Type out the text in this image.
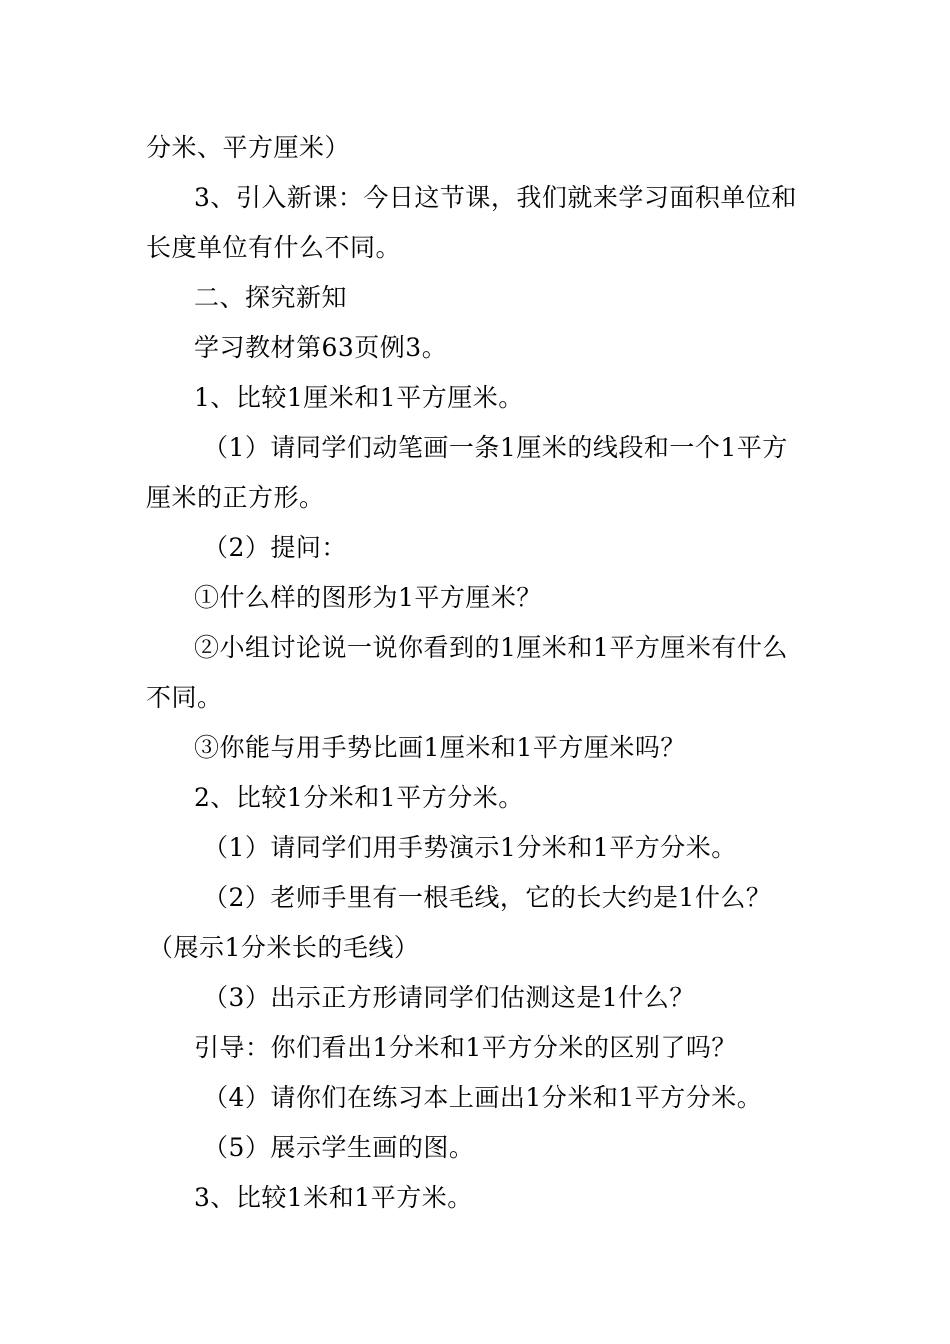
分米、平方厘米）
3、引入新课：今日这节课，我们就来学习面积单位和
长度单位有什么不同。
二、探究新知
学习教材第63页例3。
1、比较1厘米和1平方厘米。
（1）请同学们动笔画一条1厘米的线段和一个1平方
厘米的正方形。
（2）提问：
①什么样的图形为1平方厘米？
②小组讨论说一说你看到的1厘米和1平方厘米有什么
不同。
③你能与用手势比画1厘米和1平方厘米吗？
2、比较1分米和1平方分米。
（1）请同学们用手势演示1分米和1平方分米。
（2）老师手里有一根毛线，它的长大约是1什么？
（展示1分米长的毛线）
（3）出示正方形请同学们估测这是1什么？
引导：你们看出1分米和1平方分米的区别了吗？
（4）请你们在练习本上画出1分米和1平方分米。
（5）展示学生画的图。
3、比较1米和1平方米。
